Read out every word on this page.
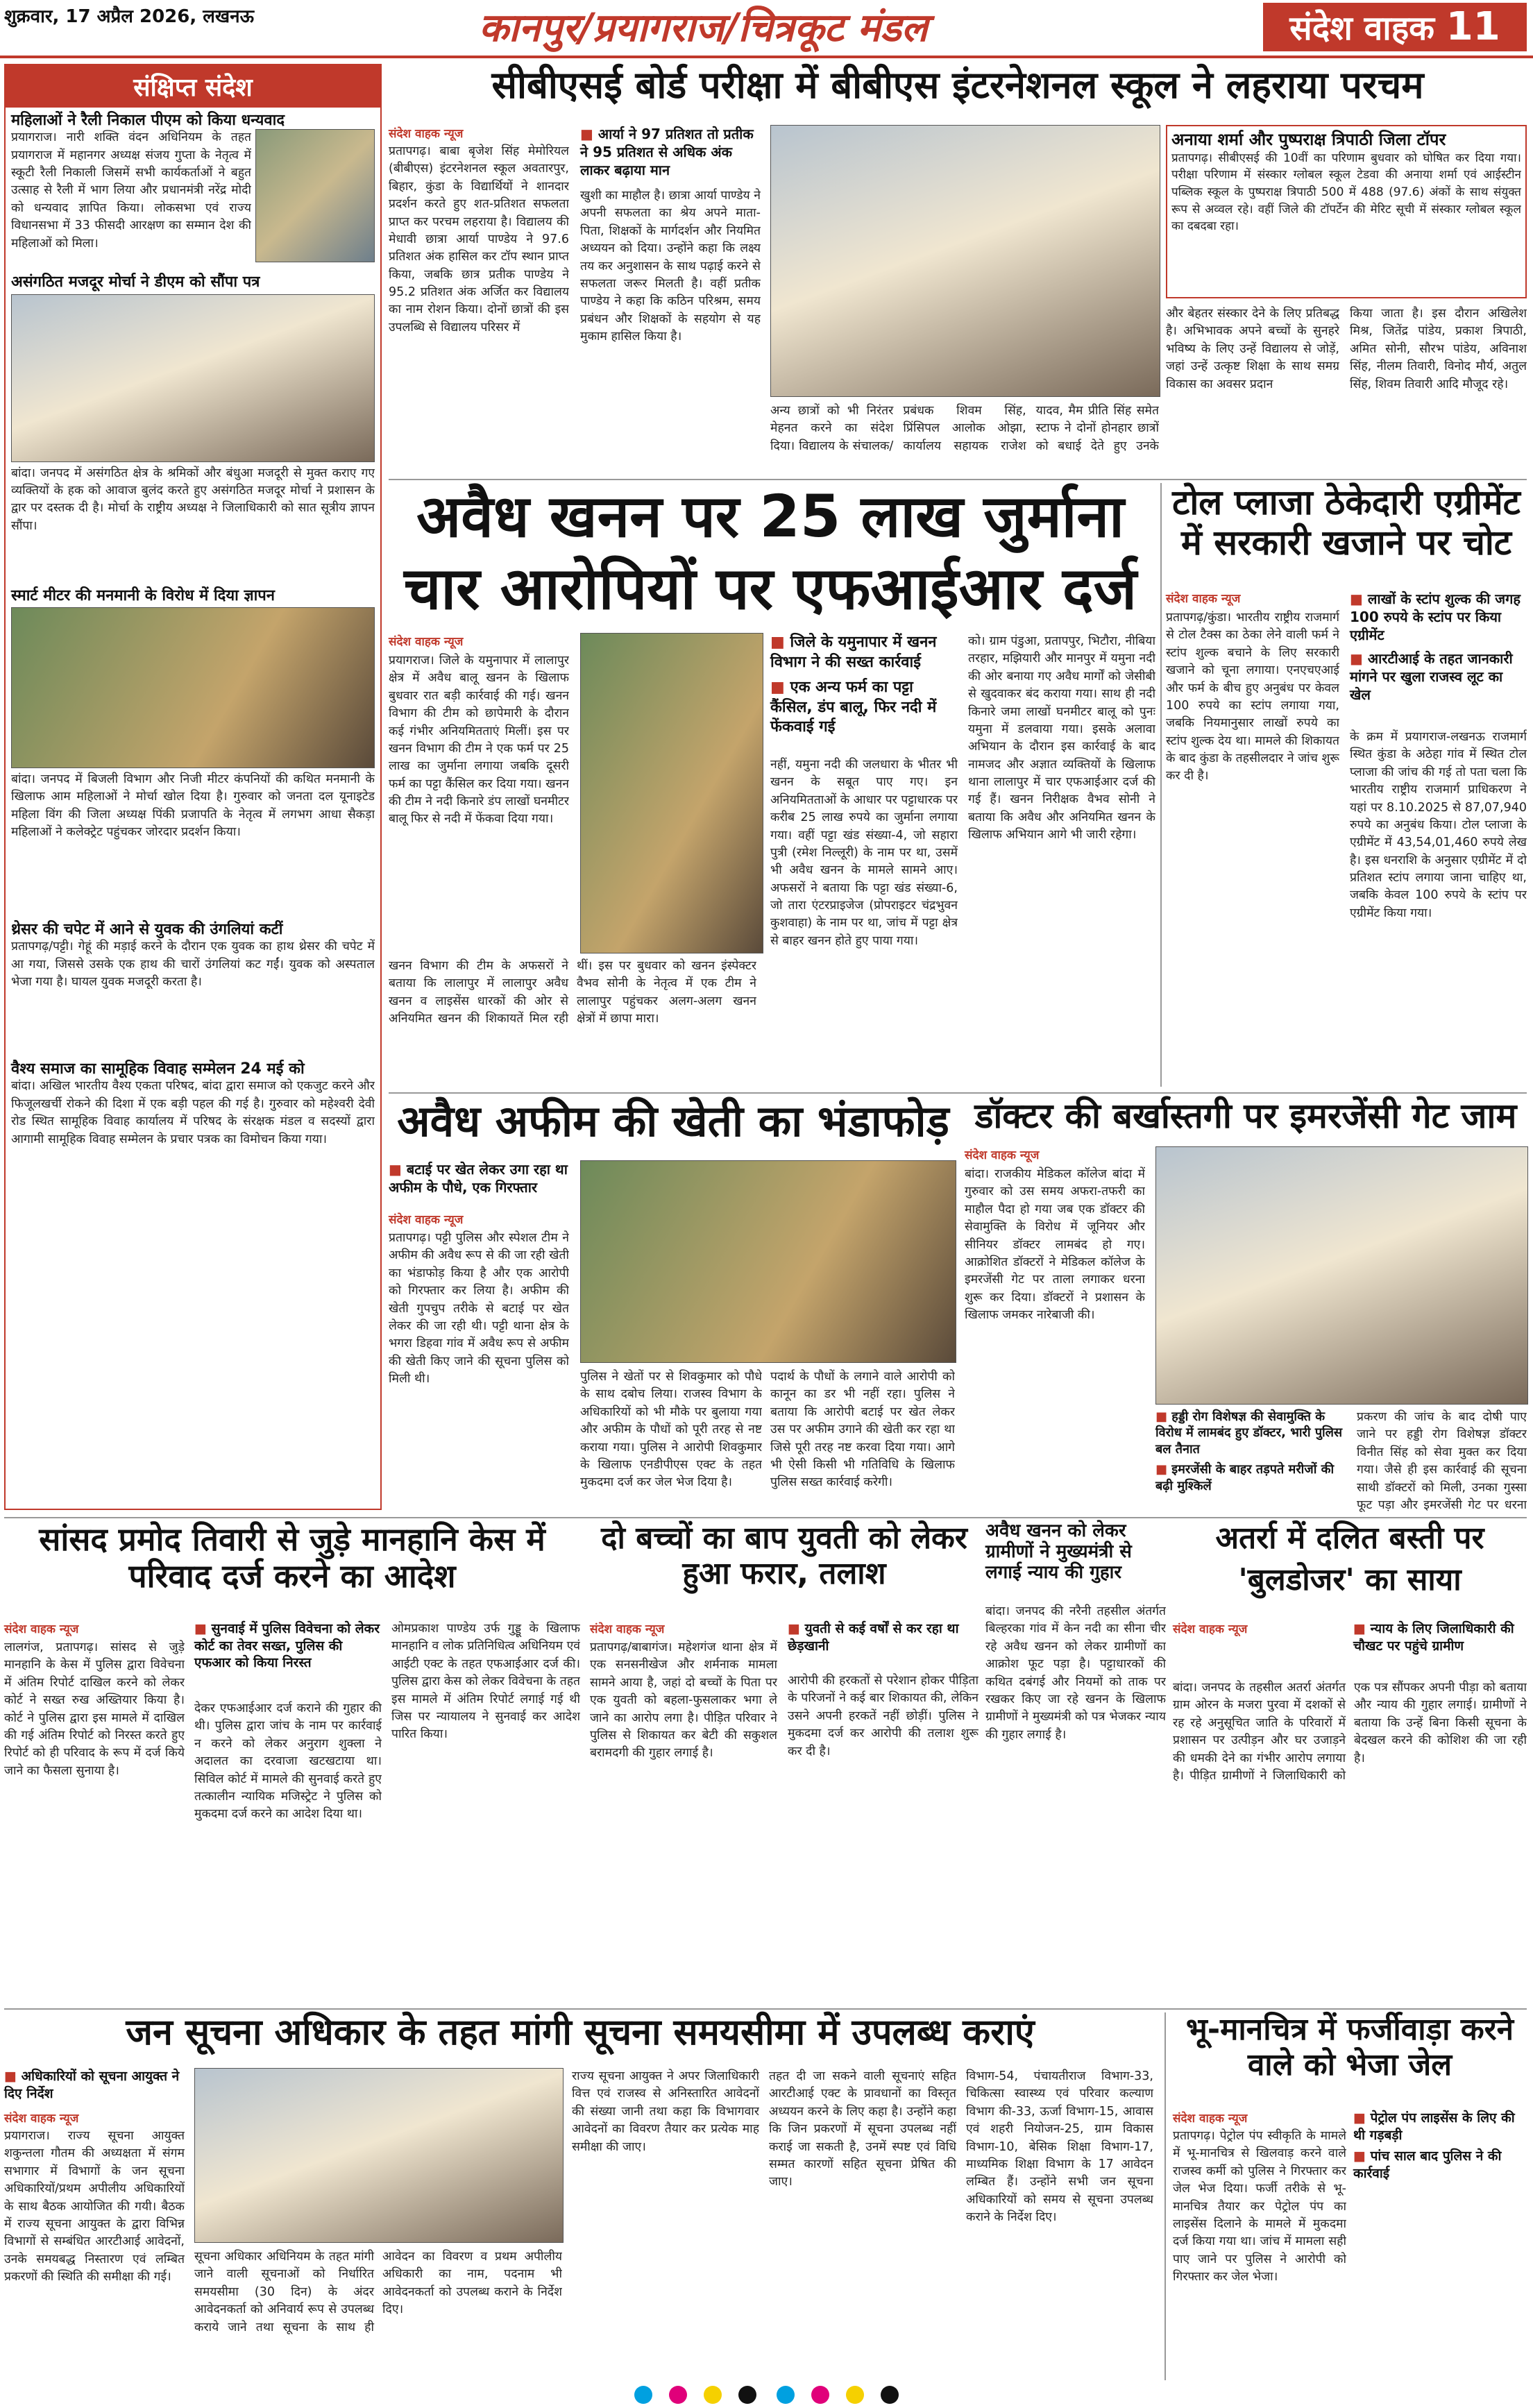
शुक्रवार, 17 अप्रैल 2026, लखनऊ	कानपुर/प्रयागराज/चित्रकूट मंडल	संदेश वाहक 11
संक्षिप्त संदेश
महिलाओं ने रैली निकाल पीएम को किया धन्यवाद
प्रयागराज। नारी शक्ति वंदन अधिनियम के तहत प्रयागराज में महानगर अध्यक्ष संजय गुप्ता के नेतृत्व में स्कूटी रैली निकाली जिसमें सभी कार्यकर्ताओं ने बहुत उत्साह से रैली में भाग लिया और प्रधानमंत्री नरेंद्र मोदी को धन्यवाद ज्ञापित किया। लोकसभा एवं राज्य विधानसभा में 33 फीसदी आरक्षण का सम्मान देश की महिलाओं को मिला।
असंगठित मजदूर मोर्चा ने डीएम को सौंपा पत्र
बांदा। जनपद में असंगठित क्षेत्र के श्रमिकों और बंधुआ मजदूरी से मुक्त कराए गए व्यक्तियों के हक को आवाज बुलंद करते हुए असंगठित मजदूर मोर्चा ने प्रशासन के द्वार पर दस्तक दी है। मोर्चा के राष्ट्रीय अध्यक्ष ने जिलाधिकारी को सात सूत्रीय ज्ञापन सौंपा।
स्मार्ट मीटर की मनमानी के विरोध में दिया ज्ञापन
बांदा। जनपद में बिजली विभाग और निजी मीटर कंपनियों की कथित मनमानी के खिलाफ आम महिलाओं ने मोर्चा खोल दिया है। गुरुवार को जनता दल यूनाइटेड महिला विंग की जिला अध्यक्ष पिंकी प्रजापति के नेतृत्व में लगभग आधा सैकड़ा महिलाओं ने कलेक्ट्रेट पहुंचकर जोरदार प्रदर्शन किया।
थ्रेसर की चपेट में आने से युवक की उंगलियां कटीं
प्रतापगढ़/पट्टी। गेहूं की मड़ाई करने के दौरान एक युवक का हाथ थ्रेसर की चपेट में आ गया, जिससे उसके एक हाथ की चारों उंगलियां कट गईं। युवक को अस्पताल भेजा गया है। घायल युवक मजदूरी करता है।
वैश्य समाज का सामूहिक विवाह सम्मेलन 24 मई को
बांदा। अखिल भारतीय वैश्य एकता परिषद, बांदा द्वारा समाज को एकजुट करने और फिजूलखर्ची रोकने की दिशा में एक बड़ी पहल की गई है। गुरुवार को महेश्वरी देवी रोड स्थित सामूहिक विवाह कार्यालय में परिषद के संरक्षक मंडल व सदस्यों द्वारा आगामी सामूहिक विवाह सम्मेलन के प्रचार पत्रक का विमोचन किया गया।
सीबीएसई बोर्ड परीक्षा में बीबीएस इंटरनेशनल स्कूल ने लहराया परचम
संदेश वाहक न्यूज
प्रतापगढ़। बाबा बृजेश सिंह मेमोरियल (बीबीएस) इंटरनेशनल स्कूल अवतारपुर, बिहार, कुंडा के विद्यार्थियों ने शानदार प्रदर्शन करते हुए शत-प्रतिशत सफलता प्राप्त कर परचम लहराया है। विद्यालय की मेधावी छात्रा आर्या पाण्डेय ने 97.6 प्रतिशत अंक हासिल कर टॉप स्थान प्राप्त किया, जबकि छात्र प्रतीक पाण्डेय ने 95.2 प्रतिशत अंक अर्जित कर विद्यालय का नाम रोशन किया। दोनों छात्रों की इस उपलब्धि से विद्यालय परिसर में
■ आर्या ने 97 प्रतिशत तो प्रतीक ने 95 प्रतिशत से अधिक अंक लाकर बढ़ाया मान
खुशी का माहौल है। छात्रा आर्या पाण्डेय ने अपनी सफलता का श्रेय अपने माता-पिता, शिक्षकों के मार्गदर्शन और नियमित अध्ययन को दिया। उन्होंने कहा कि लक्ष्य तय कर अनुशासन के साथ पढ़ाई करने से सफलता जरूर मिलती है। वहीं प्रतीक पाण्डेय ने कहा कि कठिन परिश्रम, समय प्रबंधन और शिक्षकों के सहयोग से यह मुकाम हासिल किया है।
अन्य छात्रों को भी निरंतर मेहनत करने का संदेश दिया। विद्यालय के संचालक/प्रबंधक शिवम सिंह, प्रिंसिपल आलोक ओझा, कार्यालय सहायक राजेश यादव, मैम प्रीति सिंह समेत स्टाफ ने दोनों होनहार छात्रों को बधाई देते हुए उनके
अनाया शर्मा और पुष्पराक्ष त्रिपाठी जिला टॉपर
प्रतापगढ़। सीबीएसई की 10वीं का परिणाम बुधवार को घोषित कर दिया गया। परीक्षा परिणाम में संस्कार ग्लोबल स्कूल टेडवा की अनाया शर्मा एवं आईस्टीन पब्लिक स्कूल के पुष्पराक्ष त्रिपाठी 500 में 488 (97.6) अंकों के साथ संयुक्त रूप से अव्वल रहे। वहीं जिले की टॉपर्टेन की मेरिट सूची में संस्कार ग्लोबल स्कूल का दबदबा रहा।
और बेहतर संस्कार देने के लिए प्रतिबद्ध है। अभिभावक अपने बच्चों के सुनहरे भविष्य के लिए उन्हें विद्यालय से जोड़ें, जहां उन्हें उत्कृष्ट शिक्षा के साथ समग्र विकास का अवसर प्रदान
किया जाता है। इस दौरान अखिलेश मिश्र, जितेंद्र पांडेय, प्रकाश त्रिपाठी, अमित सोनी, सौरभ पांडेय, अविनाश सिंह, नीलम तिवारी, विनोद मौर्य, अतुल सिंह, शिवम तिवारी आदि मौजूद रहे।
अवैध खनन पर 25 लाख जुर्माना
चार आरोपियों पर एफआईआर दर्ज
संदेश वाहक न्यूज
प्रयागराज। जिले के यमुनापार में लालापुर क्षेत्र में अवैध बालू खनन के खिलाफ बुधवार रात बड़ी कार्रवाई की गई। खनन विभाग की टीम को छापेमारी के दौरान कई गंभीर अनियमितताएं मिलीं। इस पर खनन विभाग की टीम ने एक फर्म पर 25 लाख का जुर्माना लगाया जबकि दूसरी फर्म का पट्टा कैंसिल कर दिया गया। खनन की टीम ने नदी किनारे डंप लाखों घनमीटर बालू फिर से नदी में फेंकवा दिया गया।
खनन विभाग की टीम के अफसरों ने बताया कि लालापुर में लालापुर अवैध खनन व लाइसेंस धारकों की ओर से अनियमित खनन की शिकायतें मिल रही थीं। इस पर बुधवार को खनन इंस्पेक्टर वैभव सोनी के नेतृत्व में एक टीम ने लालापुर पहुंचकर अलग-अलग खनन क्षेत्रों में छापा मारा।
■ जिले के यमुनापार में खनन विभाग ने की सख्त कार्रवाई
■ एक अन्य फर्म का पट्टा कैंसिल, डंप बालू, फिर नदी में फेंकवाई गई
नहीं, यमुना नदी की जलधारा के भीतर भी खनन के सबूत पाए गए। इन अनियमितताओं के आधार पर पट्टाधारक पर करीब 25 लाख रुपये का जुर्माना लगाया गया। वहीं पट्टा खंड संख्या-4, जो सहारा पुत्री (रमेश निल्लूरी) के नाम पर था, उसमें भी अवैध खनन के मामले सामने आए। अफसरों ने बताया कि पट्टा खंड संख्या-6, जो तारा एंटरप्राइजेज (प्रोपराइटर चंद्रभुवन कुशवाहा) के नाम पर था, जांच में पट्टा क्षेत्र से बाहर खनन होते हुए पाया गया।
को। ग्राम पंडुआ, प्रतापपुर, भिटौरा, नीबिया तरहार, मझियारी और मानपुर में यमुना नदी की ओर बनाया गए अवैध मार्गों को जेसीबी से खुदवाकर बंद कराया गया। साथ ही नदी किनारे जमा लाखों घनमीटर बालू को पुनः यमुना में डलवाया गया। इसके अलावा अभियान के दौरान इस कार्रवाई के बाद नामजद और अज्ञात व्यक्तियों के खिलाफ थाना लालापुर में चार एफआईआर दर्ज की गई हैं। खनन निरीक्षक वैभव सोनी ने बताया कि अवैध और अनियमित खनन के खिलाफ अभियान आगे भी जारी रहेगा।
टोल प्लाजा ठेकेदारी एग्रीमेंट में सरकारी खजाने पर चोट
संदेश वाहक न्यूज	■ लाखों के स्टांप शुल्क की जगह 100 रुपये के स्टांप पर किया एग्रीमेंट
■ आरटीआई के तहत जानकारी मांगने पर खुला राजस्व लूट का खेल
प्रतापगढ़/कुंडा। भारतीय राष्ट्रीय राजमार्ग से टोल टैक्स का ठेका लेने वाली फर्म ने स्टांप शुल्क बचाने के लिए सरकारी खजाने को चूना लगाया। एनएचएआई और फर्म के बीच हुए अनुबंध पर केवल 100 रुपये का स्टांप लगाया गया, जबकि नियमानुसार लाखों रुपये का स्टांप शुल्क देय था। मामले की शिकायत के बाद कुंडा के तहसीलदार ने जांच शुरू कर दी है।
के क्रम में प्रयागराज-लखनऊ राजमार्ग स्थित कुंडा के अठेहा गांव में स्थित टोल प्लाजा की जांच की गई तो पता चला कि भारतीय राष्ट्रीय राजमार्ग प्राधिकरण ने यहां पर 8.10.2025 से 87,07,940 रुपये का अनुबंध किया। टोल प्लाजा के एग्रीमेंट में 43,54,01,460 रुपये लेख है। इस धनराशि के अनुसार एग्रीमेंट में दो प्रतिशत स्टांप लगाया जाना चाहिए था, जबकि केवल 100 रुपये के स्टांप पर एग्रीमेंट किया गया।
अवैध अफीम की खेती का भंडाफोड़
■ बटाई पर खेत लेकर उगा रहा था अफीम के पौधे, एक गिरफ्तार
संदेश वाहक न्यूज
प्रतापगढ़। पट्टी पुलिस और स्पेशल टीम ने अफीम की अवैध रूप से की जा रही खेती का भंडाफोड़ किया है और एक आरोपी को गिरफ्तार कर लिया है। अफीम की खेती गुपचुप तरीके से बटाई पर खेत लेकर की जा रही थी। पट्टी थाना क्षेत्र के भगरा डिहवा गांव में अवैध रूप से अफीम की खेती किए जाने की सूचना पुलिस को मिली थी।	पुलिस ने खेतों पर से शिवकुमार को पौधे के साथ दबोच लिया। राजस्व विभाग के अधिकारियों को भी मौके पर बुलाया गया और अफीम के पौधों को पूरी तरह से नष्ट कराया गया। पुलिस ने आरोपी शिवकुमार के खिलाफ एनडीपीएस एक्ट के तहत मुकदमा दर्ज कर जेल भेज दिया है।
पदार्थ के पौधों के लगाने वाले आरोपी को कानून का डर भी नहीं रहा। पुलिस ने बताया कि आरोपी बटाई पर खेत लेकर उस पर अफीम उगाने की खेती कर रहा था जिसे पूरी तरह नष्ट करवा दिया गया। आगे भी ऐसी किसी भी गतिविधि के खिलाफ पुलिस सख्त कार्रवाई करेगी।
डॉक्टर की बर्खास्तगी पर इमरजेंसी गेट जाम
संदेश वाहक न्यूज
बांदा। राजकीय मेडिकल कॉलेज बांदा में गुरुवार को उस समय अफरा-तफरी का माहौल पैदा हो गया जब एक डॉक्टर की सेवामुक्ति के विरोध में जूनियर और सीनियर डॉक्टर लामबंद हो गए। आक्रोशित डॉक्टरों ने मेडिकल कॉलेज के इमरजेंसी गेट पर ताला लगाकर धरना शुरू कर दिया। डॉक्टरों ने प्रशासन के खिलाफ जमकर नारेबाजी की।
■ हड्डी रोग विशेषज्ञ की सेवामुक्ति के विरोध में लामबंद हुए डॉक्टर, भारी पुलिस बल तैनात
■ इमरजेंसी के बाहर तड़पते मरीजों की बढ़ी मुश्किलें
प्रकरण की जांच के बाद दोषी पाए जाने पर हड्डी रोग विशेषज्ञ डॉक्टर विनीत सिंह को सेवा मुक्त कर दिया गया। जैसे ही इस कार्रवाई की सूचना साथी डॉक्टरों को मिली, उनका गुस्सा फूट पड़ा और इमरजेंसी गेट पर धरना
सांसद प्रमोद तिवारी से जुड़े मानहानि केस में परिवाद दर्ज करने का आदेश
संदेश वाहक न्यूज
लालगंज, प्रतापगढ़। सांसद से जुड़े मानहानि के केस में पुलिस द्वारा विवेचना में अंतिम रिपोर्ट दाखिल करने को लेकर कोर्ट ने सख्त रुख अख्तियार किया है। कोर्ट ने पुलिस द्वारा इस मामले में दाखिल की गई अंतिम रिपोर्ट को निरस्त करते हुए रिपोर्ट को ही परिवाद के रूप में दर्ज किये जाने का फैसला सुनाया है।
■ सुनवाई में पुलिस विवेचना को लेकर कोर्ट का तेवर सख्त, पुलिस की एफआर को किया निरस्त
देकर एफआईआर दर्ज कराने की गुहार की थी। पुलिस द्वारा जांच के नाम पर कार्रवाई न करने को लेकर अनुराग शुक्ला ने अदालत का दरवाजा खटखटाया था। सिविल कोर्ट में मामले की सुनवाई करते हुए तत्कालीन न्यायिक मजिस्ट्रेट ने पुलिस को मुकदमा दर्ज करने का आदेश दिया था।
ओमप्रकाश पाण्डेय उर्फ गुड्डू के खिलाफ मानहानि व लोक प्रतिनिधित्व अधिनियम एवं आईटी एक्ट के तहत एफआईआर दर्ज की। पुलिस द्वारा केस को लेकर विवेचना के तहत इस मामले में अंतिम रिपोर्ट लगाई गई थी जिस पर न्यायालय ने सुनवाई कर आदेश पारित किया।
दो बच्चों का बाप युवती को लेकर हुआ फरार, तलाश
संदेश वाहक न्यूज
प्रतापगढ़/बाबागंज। महेशगंज थाना क्षेत्र में एक सनसनीखेज और शर्मनाक मामला सामने आया है, जहां दो बच्चों के पिता पर एक युवती को बहला-फुसलाकर भगा ले जाने का आरोप लगा है। पीड़ित परिवार ने पुलिस से शिकायत कर बेटी की सकुशल बरामदगी की गुहार लगाई है।
■ युवती से कई वर्षों से कर रहा था छेड़खानी
आरोपी की हरकतों से परेशान होकर पीड़िता के परिजनों ने कई बार शिकायत की, लेकिन उसने अपनी हरकतें नहीं छोड़ीं। पुलिस ने मुकदमा दर्ज कर आरोपी की तलाश शुरू कर दी है।
अवैध खनन को लेकर ग्रामीणों ने मुख्यमंत्री से लगाई न्याय की गुहार
बांदा। जनपद की नरैनी तहसील अंतर्गत बिल्हरका गांव में केन नदी का सीना चीर रहे अवैध खनन को लेकर ग्रामीणों का आक्रोश फूट पड़ा है। पट्टाधारकों की कथित दबंगई और नियमों को ताक पर रखकर किए जा रहे खनन के खिलाफ ग्रामीणों ने मुख्यमंत्री को पत्र भेजकर न्याय की गुहार लगाई है।
अतर्रा में दलित बस्ती पर
'बुलडोजर' का साया
संदेश वाहक न्यूज	■ न्याय के लिए जिलाधिकारी की चौखट पर पहुंचे ग्रामीण
बांदा। जनपद के तहसील अतर्रा अंतर्गत ग्राम ओरन के मजरा पुरवा में दशकों से रह रहे अनुसूचित जाति के परिवारों में प्रशासन पर उत्पीड़न और घर उजाड़ने की धमकी देने का गंभीर आरोप लगाया है। पीड़ित ग्रामीणों ने जिलाधिकारी को एक पत्र सौंपकर अपनी पीड़ा को बताया और न्याय की गुहार लगाई। ग्रामीणों ने बताया कि उन्हें बिना किसी सूचना के बेदखल करने की कोशिश की जा रही है।
जन सूचना अधिकार के तहत मांगी सूचना समयसीमा में उपलब्ध कराएं
■ अधिकारियों को सूचना आयुक्त ने दिए निर्देश
संदेश वाहक न्यूज
प्रयागराज। राज्य सूचना आयुक्त शकुन्तला गौतम की अध्यक्षता में संगम सभागार में विभागों के जन सूचना अधिकारियों/प्रथम अपीलीय अधिकारियों के साथ बैठक आयोजित की गयी। बैठक में राज्य सूचना आयुक्त के द्वारा विभिन्न विभागों से सम्बंधित आरटीआई आवेदनों, उनके समयबद्ध निस्तारण एवं लम्बित प्रकरणों की स्थिति की समीक्षा की गई।
सूचना अधिकार अधिनियम के तहत मांगी जाने वाली सूचनाओं को निर्धारित समयसीमा (30 दिन) के अंदर आवेदनकर्ता को अनिवार्य रूप से उपलब्ध कराये जाने तथा सूचना के साथ ही आवेदन का विवरण व प्रथम अपीलीय अधिकारी का नाम, पदनाम भी आवेदनकर्ता को उपलब्ध कराने के निर्देश दिए।
राज्य सूचना आयुक्त ने अपर जिलाधिकारी वित्त एवं राजस्व से अनिस्तारित आवेदनों की संख्या जानी तथा कहा कि विभागवार आवेदनों का विवरण तैयार कर प्रत्येक माह समीक्षा की जाए।
तहत दी जा सकने वाली सूचनाएं सहित आरटीआई एक्ट के प्रावधानों का विस्तृत अध्ययन करने के लिए कहा है। उन्होंने कहा कि जिन प्रकरणों में सूचना उपलब्ध नहीं कराई जा सकती है, उनमें स्पष्ट एवं विधि सम्मत कारणों सहित सूचना प्रेषित की जाए।
विभाग-54, पंचायतीराज विभाग-33, चिकित्सा स्वास्थ्य एवं परिवार कल्याण विभाग की-33, ऊर्जा विभाग-15, आवास एवं शहरी नियोजन-25, ग्राम विकास विभाग-10, बेसिक शिक्षा विभाग-17, माध्यमिक शिक्षा विभाग के 17 आवेदन लम्बित हैं। उन्होंने सभी जन सूचना अधिकारियों को समय से सूचना उपलब्ध कराने के निर्देश दिए।
भू-मानचित्र में फर्जीवाड़ा करने वाले को भेजा जेल
संदेश वाहक न्यूज	■ पेट्रोल पंप लाइसेंस के लिए की थी गड़बड़ी
■ पांच साल बाद पुलिस ने की कार्रवाई
प्रतापगढ़। पेट्रोल पंप स्वीकृति के मामले में भू-मानचित्र से खिलवाड़ करने वाले राजस्व कर्मी को पुलिस ने गिरफ्तार कर जेल भेज दिया। फर्जी तरीके से भू-मानचित्र तैयार कर पेट्रोल पंप का लाइसेंस दिलाने के मामले में मुकदमा दर्ज किया गया था। जांच में मामला सही पाए जाने पर पुलिस ने आरोपी को गिरफ्तार कर जेल भेजा।
